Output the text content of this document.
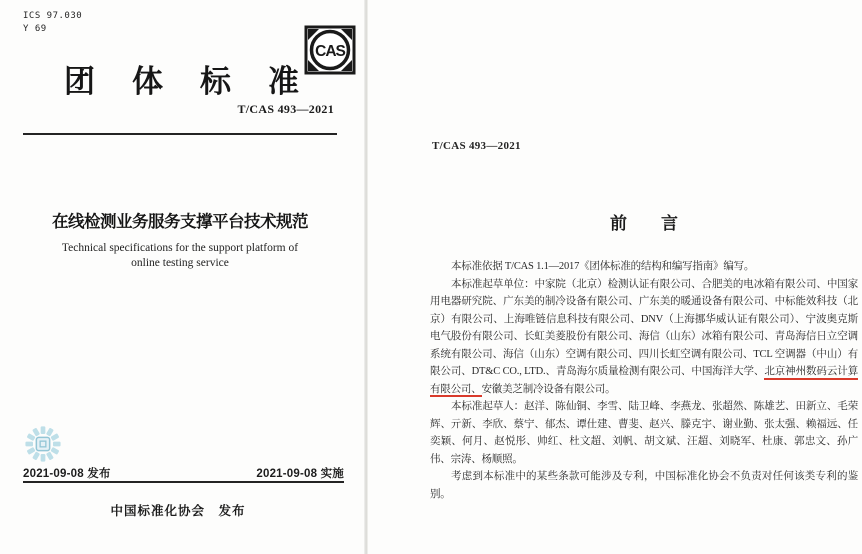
ICS 97.030
Y 69
CAS
团体标准
T/CAS 493—2021
在线检测业务服务支撑平台技术规范
Technical specifications for the support platform of
online testing service
2021-09-08 发布	2021-09-08 实施
中国标准化协会　发布
T/CAS 493—2021
前　　言

本标准依据 T/CAS 1.1—2017《团体标准的结构和编写指南》编写。

本标准起草单位：中家院（北京）检测认证有限公司、合肥美的电冰箱有限公司、中国家用电器研究院、广东美的制冷设备有限公司、广东美的暖通设备有限公司、中标能效科技（北京）有限公司、上海唯链信息科技有限公司、DNV（上海挪华威认证有限公司）、宁波奥克斯电气股份有限公司、长虹美菱股份有限公司、海信（山东）冰箱有限公司、青岛海信日立空调系统有限公司、海信（山东）空调有限公司、四川长虹空调有限公司、TCL 空调器（中山）有限公司、DT&C CO., LTD.、青岛海尔质量检测有限公司、中国海洋大学、北京神州数码云计算有限公司、安徽美芝制冷设备有限公司。

本标准起草人：赵洋、陈仙铜、李雪、陆卫峰、李燕龙、张超然、陈雄艺、田新立、毛荣辉、亓新、李欣、蔡宁、郁杰、谭仕建、曹斐、赵兴、滕克宇、谢业勤、张太强、赖福远、任奕颖、何月、赵悦彤、帅红、杜文超、刘帆、胡文斌、汪超、刘晓军、杜康、郭忠文、孙广伟、宗涛、杨顺照。

考虑到本标准中的某些条款可能涉及专利，中国标准化协会不负责对任何该类专利的鉴别。
